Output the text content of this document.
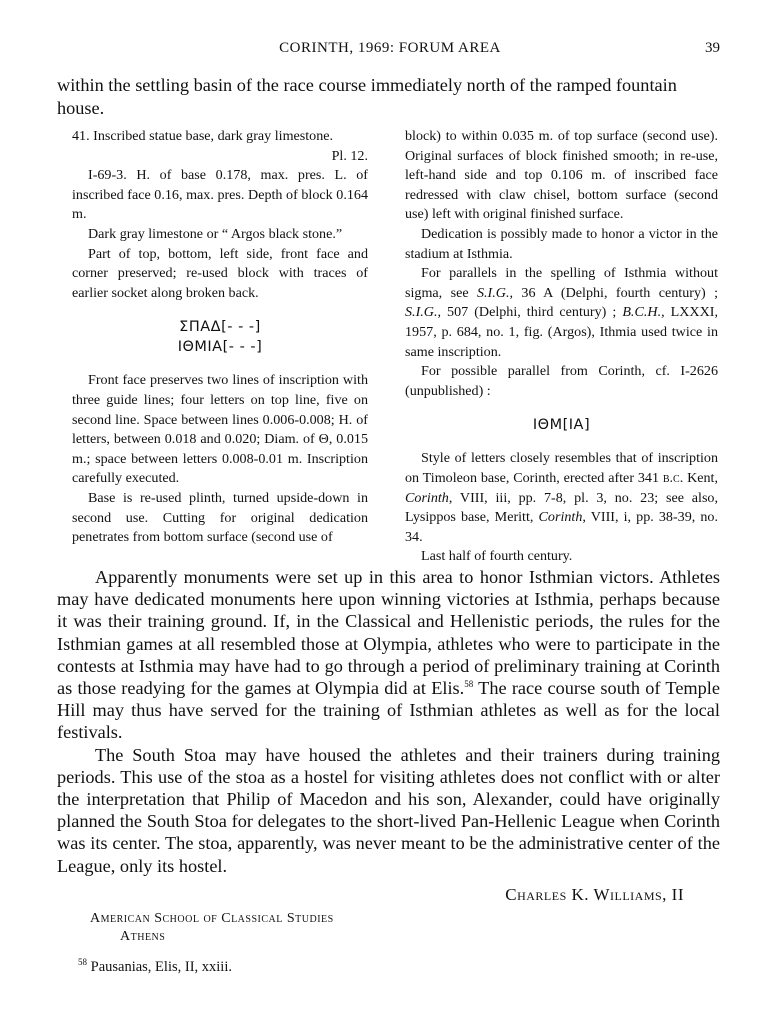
CORINTH, 1969: FORUM AREA	39

within the settling basin of the race course immediately north of the ramped fountain house.

41. Inscribed statue base, dark gray limestone.

Pl. 12.

I-69-3. H. of base 0.178, max. pres. L. of inscribed face 0.16, max. pres. Depth of block 0.164 m.

Dark gray limestone or “ Argos black stone.”

Part of top, bottom, left side, front face and corner preserved; re-used block with traces of earlier socket along broken back.

ΣΠΑΔ[- - -]
ΙΘΜΙΑ[- - -]

Front face preserves two lines of inscription with three guide lines; four letters on top line, five on second line. Space between lines 0.006-0.008; H. of letters, between 0.018 and 0.020; Diam. of Θ, 0.015 m.; space between letters 0.008-0.01 m. Inscription carefully executed.

Base is re-used plinth, turned upside-down in second use. Cutting for original dedication penetrates from bottom surface (second use of

block) to within 0.035 m. of top surface (second use). Original surfaces of block finished smooth; in re-use, left-hand side and top 0.106 m. of inscribed face redressed with claw chisel, bottom surface (second use) left with original finished surface.

Dedication is possibly made to honor a victor in the stadium at Isthmia.

For parallels in the spelling of Isthmia without sigma, see S.I.G., 36 A (Delphi, fourth century) ; S.I.G., 507 (Delphi, third century) ; B.C.H., LXXXI, 1957, p. 684, no. 1, fig. (Argos), Ithmia used twice in same inscription.

For possible parallel from Corinth, cf. I-2626 (unpublished) :

ΙΘΜ[ΙΑ]

Style of letters closely resembles that of inscription on Timoleon base, Corinth, erected after 341 b.c. Kent, Corinth, VIII, iii, pp. 7-8, pl. 3, no. 23; see also, Lysippos base, Meritt, Corinth, VIII, i, pp. 38-39, no. 34.

Last half of fourth century.

Apparently monuments were set up in this area to honor Isthmian victors. Athletes may have dedicated monuments here upon winning victories at Isthmia, perhaps because it was their training ground. If, in the Classical and Hellenistic periods, the rules for the Isthmian games at all resembled those at Olympia, athletes who were to participate in the contests at Isthmia may have had to go through a period of preliminary training at Corinth as those readying for the games at Olympia did at Elis.$^{58}$ The race course south of Temple Hill may thus have served for the training of Isthmian athletes as well as for the local festivals.

The South Stoa may have housed the athletes and their trainers during training periods. This use of the stoa as a hostel for visiting athletes does not conflict with or alter the interpretation that Philip of Macedon and his son, Alexander, could have originally planned the South Stoa for delegates to the short-lived Pan-Hellenic League when Corinth was its center. The stoa, apparently, was never meant to be the administrative center of the League, only its hostel.

Charles K. Williams, II
American School of Classical Studies
Athens
$^{58}$ Pausanias, Elis, II, xxiii.
